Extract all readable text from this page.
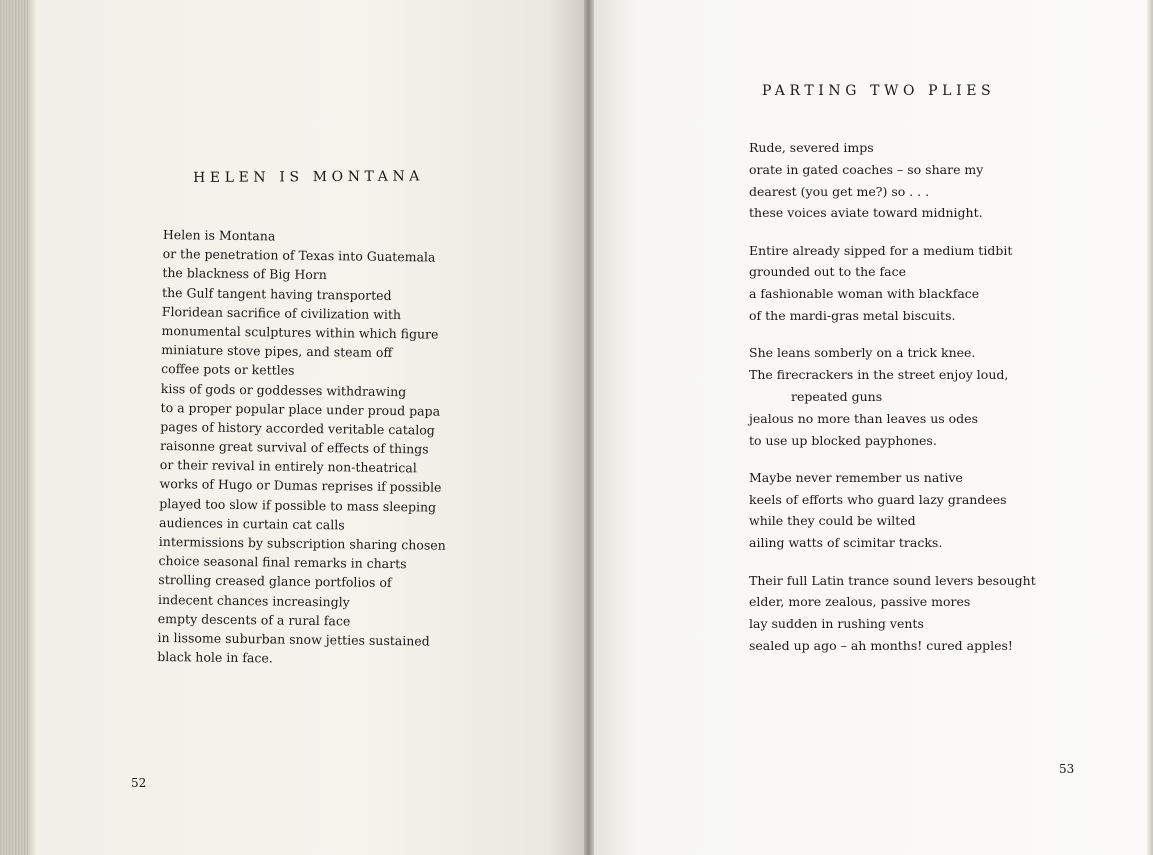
HELEN IS MONTANA
Helen is Montana
or the penetration of Texas into Guatemala
the blackness of Big Horn
the Gulf tangent having transported
Floridean sacrifice of civilization with
monumental sculptures within which figure
miniature stove pipes, and steam off
coffee pots or kettles
kiss of gods or goddesses withdrawing
to a proper popular place under proud papa
pages of history accorded veritable catalog
raisonne great survival of effects of things
or their revival in entirely non-theatrical
works of Hugo or Dumas reprises if possible
played too slow if possible to mass sleeping
audiences in curtain cat calls
intermissions by subscription sharing chosen
choice seasonal final remarks in charts
strolling creased glance portfolios of
indecent chances increasingly
empty descents of a rural face
in lissome suburban snow jetties sustained
black hole in face.
52
PARTING TWO PLIES
Rude, severed imps
orate in gated coaches – so share my
dearest (you get me?) so . . .
these voices aviate toward midnight.
Entire already sipped for a medium tidbit
grounded out to the face
a fashionable woman with blackface
of the mardi-gras metal biscuits.
She leans somberly on a trick knee.
The firecrackers in the street enjoy loud,
repeated guns
jealous no more than leaves us odes
to use up blocked payphones.
Maybe never remember us native
keels of efforts who guard lazy grandees
while they could be wilted
ailing watts of scimitar tracks.
Their full Latin trance sound levers besought
elder, more zealous, passive mores
lay sudden in rushing vents
sealed up ago – ah months! cured apples!
53
